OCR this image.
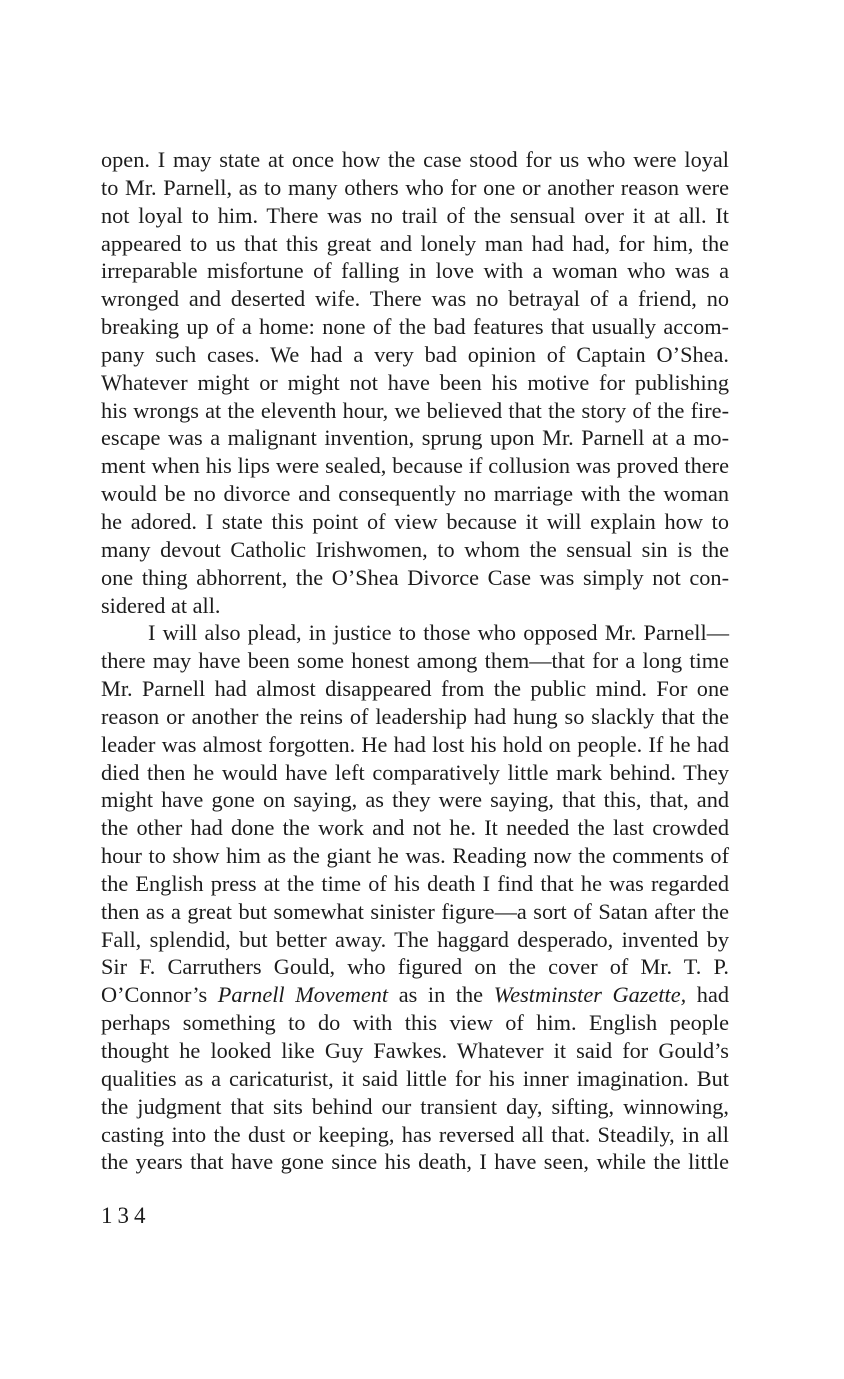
open. I may state at once how the case stood for us who were loyal
to Mr. Parnell, as to many others who for one or another reason were
not loyal to him. There was no trail of the sensual over it at all. It
appeared to us that this great and lonely man had had, for him, the
irreparable misfortune of falling in love with a woman who was a
wronged and deserted wife. There was no betrayal of a friend, no
breaking up of a home: none of the bad features that usually accom-
pany such cases. We had a very bad opinion of Captain O’Shea.
Whatever might or might not have been his motive for publishing
his wrongs at the eleventh hour, we believed that the story of the fire-
escape was a malignant invention, sprung upon Mr. Parnell at a mo-
ment when his lips were sealed, because if collusion was proved there
would be no divorce and consequently no marriage with the woman
he adored. I state this point of view because it will explain how to
many devout Catholic Irishwomen, to whom the sensual sin is the
one thing abhorrent, the O’Shea Divorce Case was simply not con-
sidered at all.
I will also plead, in justice to those who opposed Mr. Parnell—
there may have been some honest among them—that for a long time
Mr. Parnell had almost disappeared from the public mind. For one
reason or another the reins of leadership had hung so slackly that the
leader was almost forgotten. He had lost his hold on people. If he had
died then he would have left comparatively little mark behind. They
might have gone on saying, as they were saying, that this, that, and
the other had done the work and not he. It needed the last crowded
hour to show him as the giant he was. Reading now the comments of
the English press at the time of his death I find that he was regarded
then as a great but somewhat sinister figure—a sort of Satan after the
Fall, splendid, but better away. The haggard desperado, invented by
Sir F. Carruthers Gould, who figured on the cover of Mr. T. P.
O’Connor’s Parnell Movement as in the Westminster Gazette, had
perhaps something to do with this view of him. English people
thought he looked like Guy Fawkes. Whatever it said for Gould’s
qualities as a caricaturist, it said little for his inner imagination. But
the judgment that sits behind our transient day, sifting, winnowing,
casting into the dust or keeping, has reversed all that. Steadily, in all
the years that have gone since his death, I have seen, while the little
134
